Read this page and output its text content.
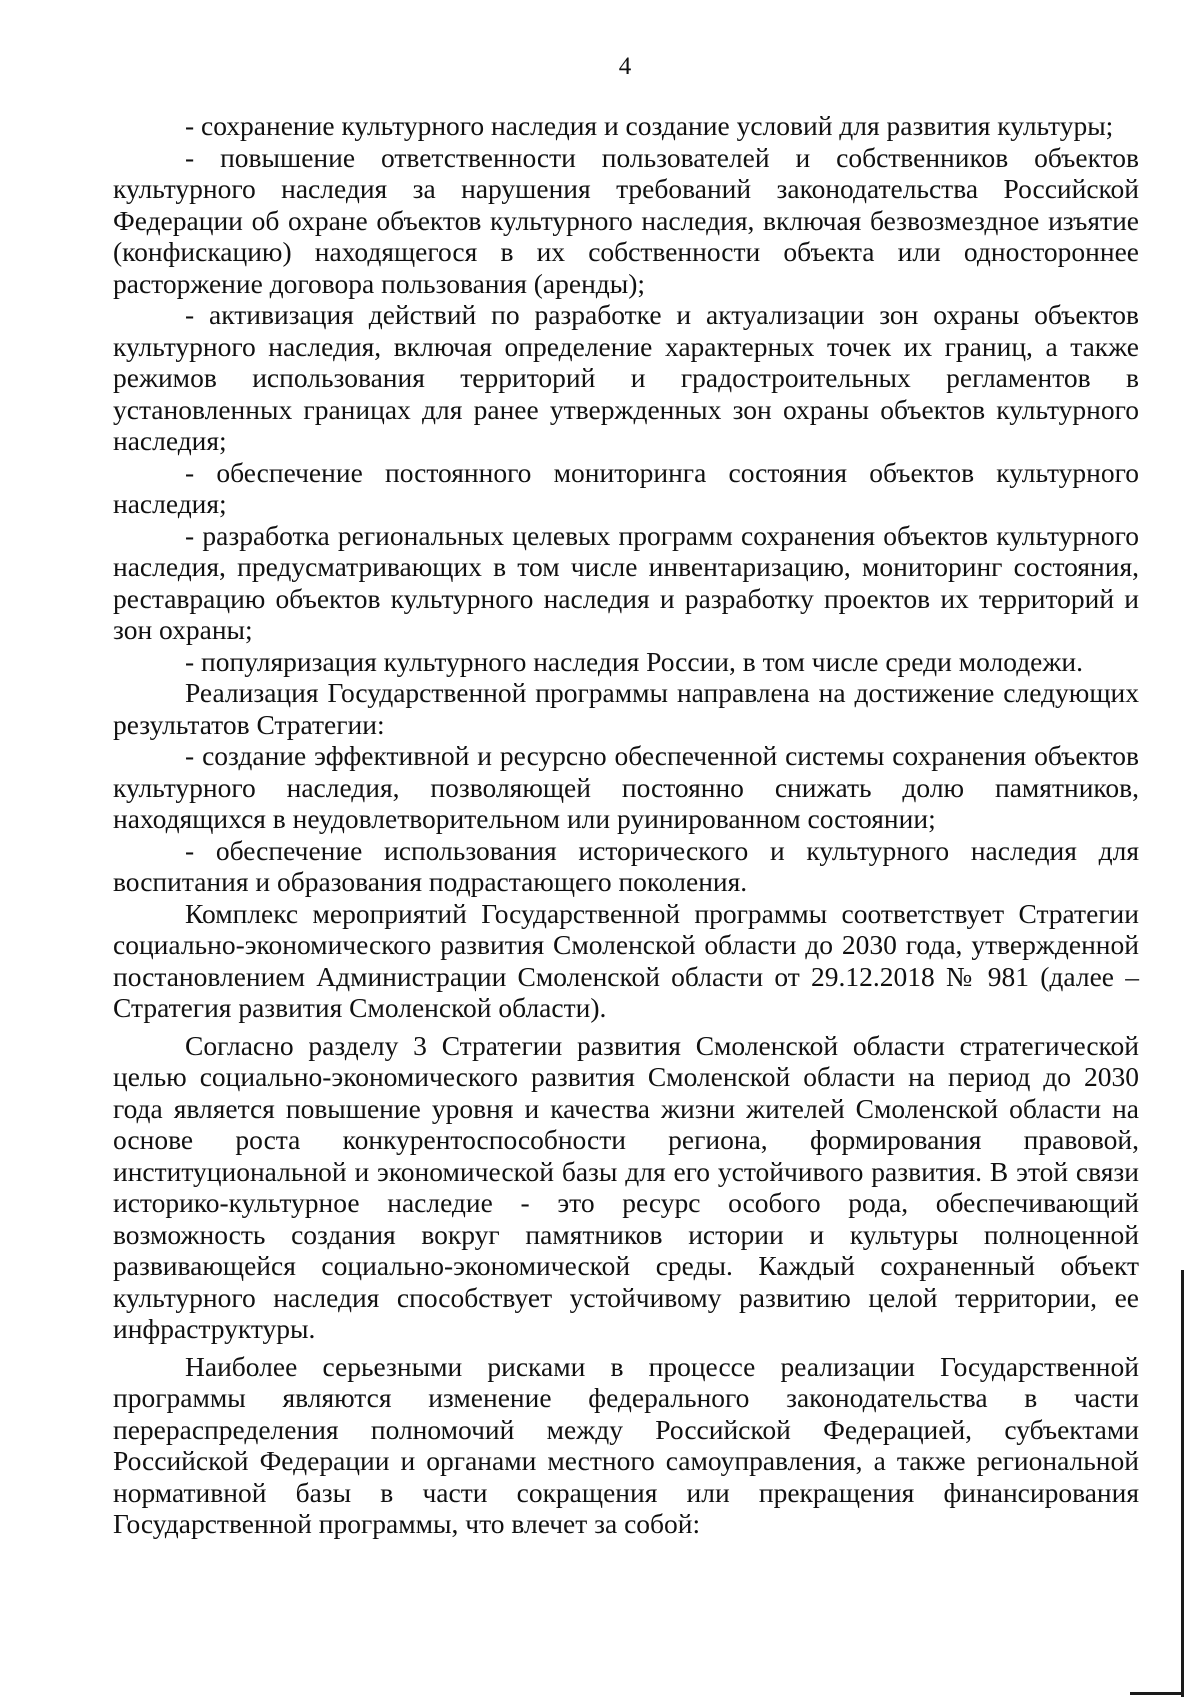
4

- сохранение культурного наследия и создание условий для развития культуры;

- повышение ответственности пользователей и собственников объектов культурного наследия за нарушения требований законодательства Российской Федерации об охране объектов культурного наследия, включая безвозмездное изъятие (конфискацию) находящегося в их собственности объекта или одностороннее расторжение договора пользования (аренды);

- активизация действий по разработке и актуализации зон охраны объектов культурного наследия, включая определение характерных точек их границ, а также режимов использования территорий и градостроительных регламентов в установленных границах для ранее утвержденных зон охраны объектов культурного наследия;

- обеспечение постоянного мониторинга состояния объектов культурного наследия;

- разработка региональных целевых программ сохранения объектов культурного наследия, предусматривающих в том числе инвентаризацию, мониторинг состояния, реставрацию объектов культурного наследия и разработку проектов их территорий и зон охраны;

- популяризация культурного наследия России, в том числе среди молодежи.

Реализация Государственной программы направлена на достижение следующих результатов Стратегии:

- создание эффективной и ресурсно обеспеченной системы сохранения объектов культурного наследия, позволяющей постоянно снижать долю памятников, находящихся в неудовлетворительном или руинированном состоянии;

- обеспечение использования исторического и культурного наследия для воспитания и образования подрастающего поколения.

Комплекс мероприятий Государственной программы соответствует Стратегии социально-экономического развития Смоленской области до 2030 года, утвержденной постановлением Администрации Смоленской области от 29.12.2018 № 981 (далее – Стратегия развития Смоленской области).

Согласно разделу 3 Стратегии развития Смоленской области стратегической целью социально-экономического развития Смоленской области на период до 2030 года является повышение уровня и качества жизни жителей Смоленской области на основе роста конкурентоспособности региона, формирования правовой, институциональной и экономической базы для его устойчивого развития. В этой связи историко-культурное наследие - это ресурс особого рода, обеспечивающий возможность создания вокруг памятников истории и культуры полноценной развивающейся социально-экономической среды. Каждый сохраненный объект культурного наследия способствует устойчивому развитию целой территории, ее инфраструктуры.

Наиболее серьезными рисками в процессе реализации Государственной программы являются изменение федерального законодательства в части перераспределения полномочий между Российской Федерацией, субъектами Российской Федерации и органами местного самоуправления, а также региональной нормативной базы в части сокращения или прекращения финансирования Государственной программы, что влечет за собой:
